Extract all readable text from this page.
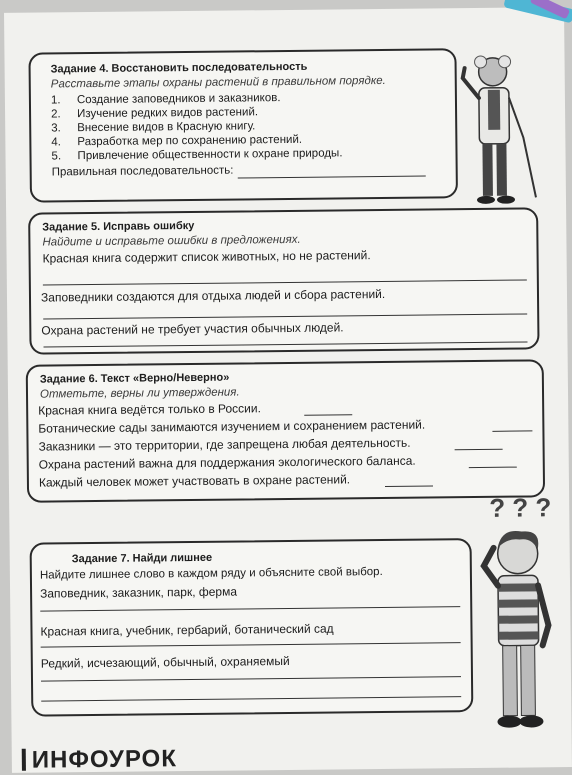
Задание 4. Восстановить последовательность
Расставьте этапы охраны растений в правильном порядке.
1. Создание заповедников и заказников.
2. Изучение редких видов растений.
3. Внесение видов в Красную книгу.
4. Разработка мер по сохранению растений.
5. Привлечение общественности к охране природы.
Правильная последовательность:
Задание 5. Исправь ошибку
Найдите и исправьте ошибки в предложениях.
Красная книга содержит список животных, но не растений.
Заповедники создаются для отдыха людей и сбора растений.
Охрана растений не требует участия обычных людей.
Задание 6. Текст «Верно/Неверно»
Отметьте, верны ли утверждения.
Красная книга ведётся только в России.
Ботанические сады занимаются изучением и сохранением растений.
Заказники — это территории, где запрещена любая деятельность.
Охрана растений важна для поддержания экологического баланса.
Каждый человек может участвовать в охране растений.
Задание 7. Найди лишнее
Найдите лишнее слово в каждом ряду и объясните свой выбор.
Заповедник, заказник, парк, ферма
Красная книга, учебник, гербарий, ботанический сад
Редкий, исчезающий, обычный, охраняемый
? ? ?
ИНФОУРОК
